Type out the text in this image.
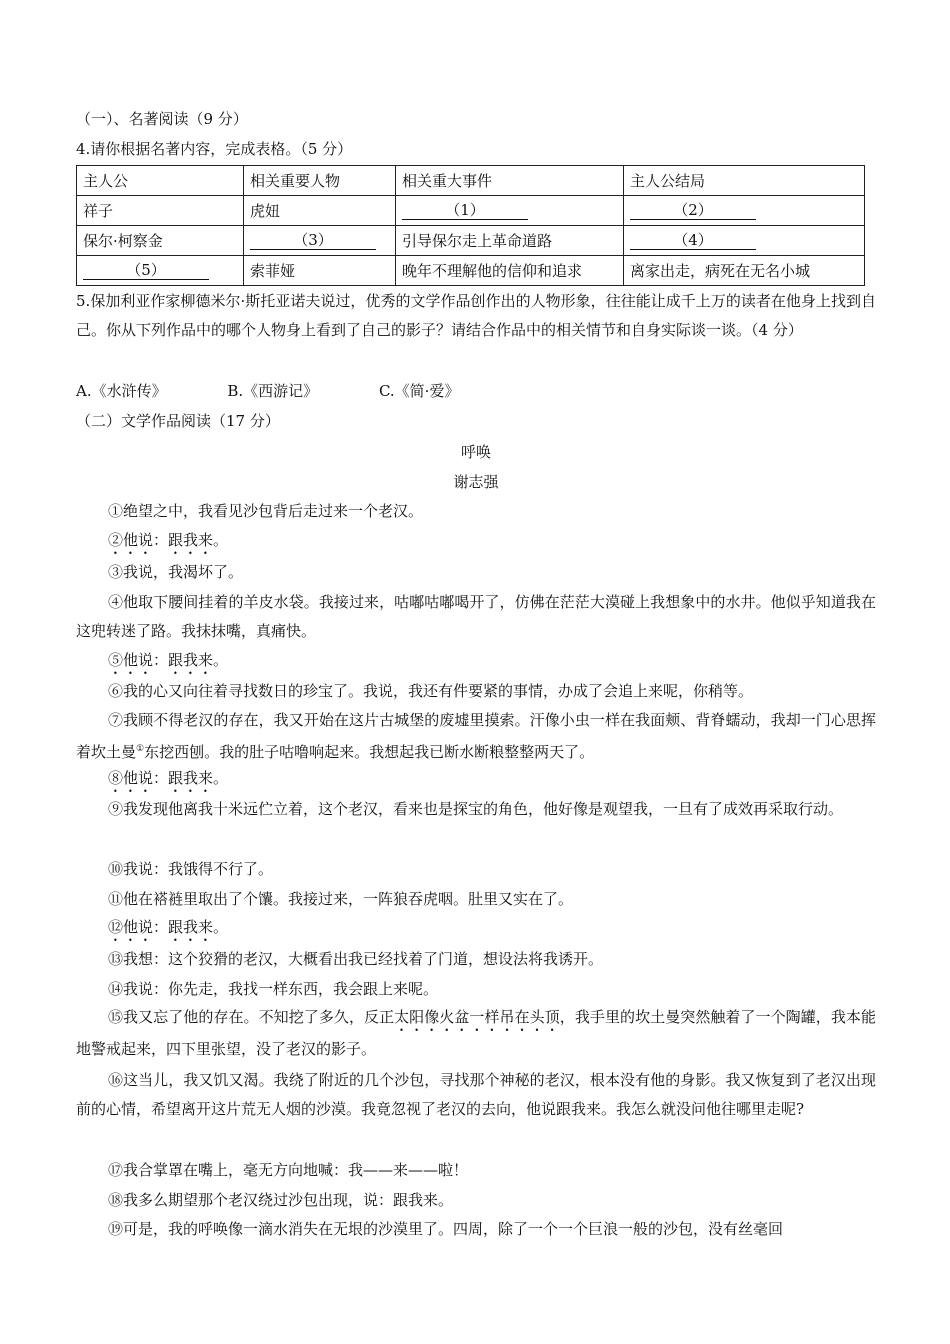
（一）、名著阅读（9 分）
4.请你根据名著内容，完成表格。（5 分）
主人公	相关重要人物	相关重大事件	主人公结局
祥子	虎妞	（1）	（2）
保尔·柯察金	（3）	引导保尔走上革命道路	（4）
（5）	索菲娅	晚年不理解他的信仰和追求	离家出走，病死在无名小城
5.保加利亚作家柳德米尔·斯托亚诺夫说过，优秀的文学作品创作出的人物形象，往往能让成千上万的读者在他身上找到自己。你从下列作品中的哪个人物身上看到了自己的影子？请结合作品中的相关情节和自身实际谈一谈。（4 分）
A.《水浒传》	B.《西游记》	C.《简·爱》
（二）文学作品阅读（17 分）
呼唤
谢志强
①绝望之中，我看见沙包背后走过来一个老汉。
②他说：跟我来。
③我说，我渴坏了。
④他取下腰间挂着的羊皮水袋。我接过来，咕嘟咕嘟喝开了，仿佛在茫茫大漠碰上我想象中的水井。他似乎知道我在这兜转迷了路。我抹抹嘴，真痛快。
⑤他说：跟我来。
⑥我的心又向往着寻找数日的珍宝了。我说，我还有件要紧的事情，办成了会追上来呢，你稍等。
⑦我顾不得老汉的存在，我又开始在这片古城堡的废墟里摸索。汗像小虫一样在我面颊、背脊蠕动，我却一门心思挥着坎土曼①东挖西刨。我的肚子咕噜响起来。我想起我已断水断粮整整两天了。
⑧他说：跟我来。
⑨我发现他离我十米远伫立着，这个老汉，看来也是探宝的角色，他好像是观望我，一旦有了成效再采取行动。
⑩我说：我饿得不行了。
⑪他在褡裢里取出了个馕。我接过来，一阵狼吞虎咽。肚里又实在了。
⑫他说：跟我来。
⑬我想：这个狡猾的老汉，大概看出我已经找着了门道，想设法将我诱开。
⑭我说：你先走，我找一样东西，我会跟上来呢。
⑮我又忘了他的存在。不知挖了多久，反正太阳像火盆一样吊在头顶，我手里的坎土曼突然触着了一个陶罐，我本能地警戒起来，四下里张望，没了老汉的影子。
⑯这当儿，我又饥又渴。我绕了附近的几个沙包，寻找那个神秘的老汉，根本没有他的身影。我又恢复到了老汉出现前的心情，希望离开这片荒无人烟的沙漠。我竟忽视了老汉的去向，他说跟我来。我怎么就没问他往哪里走呢?
⑰我合掌罩在嘴上，毫无方向地喊：我——来——啦！
⑱我多么期望那个老汉绕过沙包出现，说：跟我来。
⑲可是，我的呼唤像一滴水消失在无垠的沙漠里了。四周，除了一个一个巨浪一般的沙包，没有丝毫回
